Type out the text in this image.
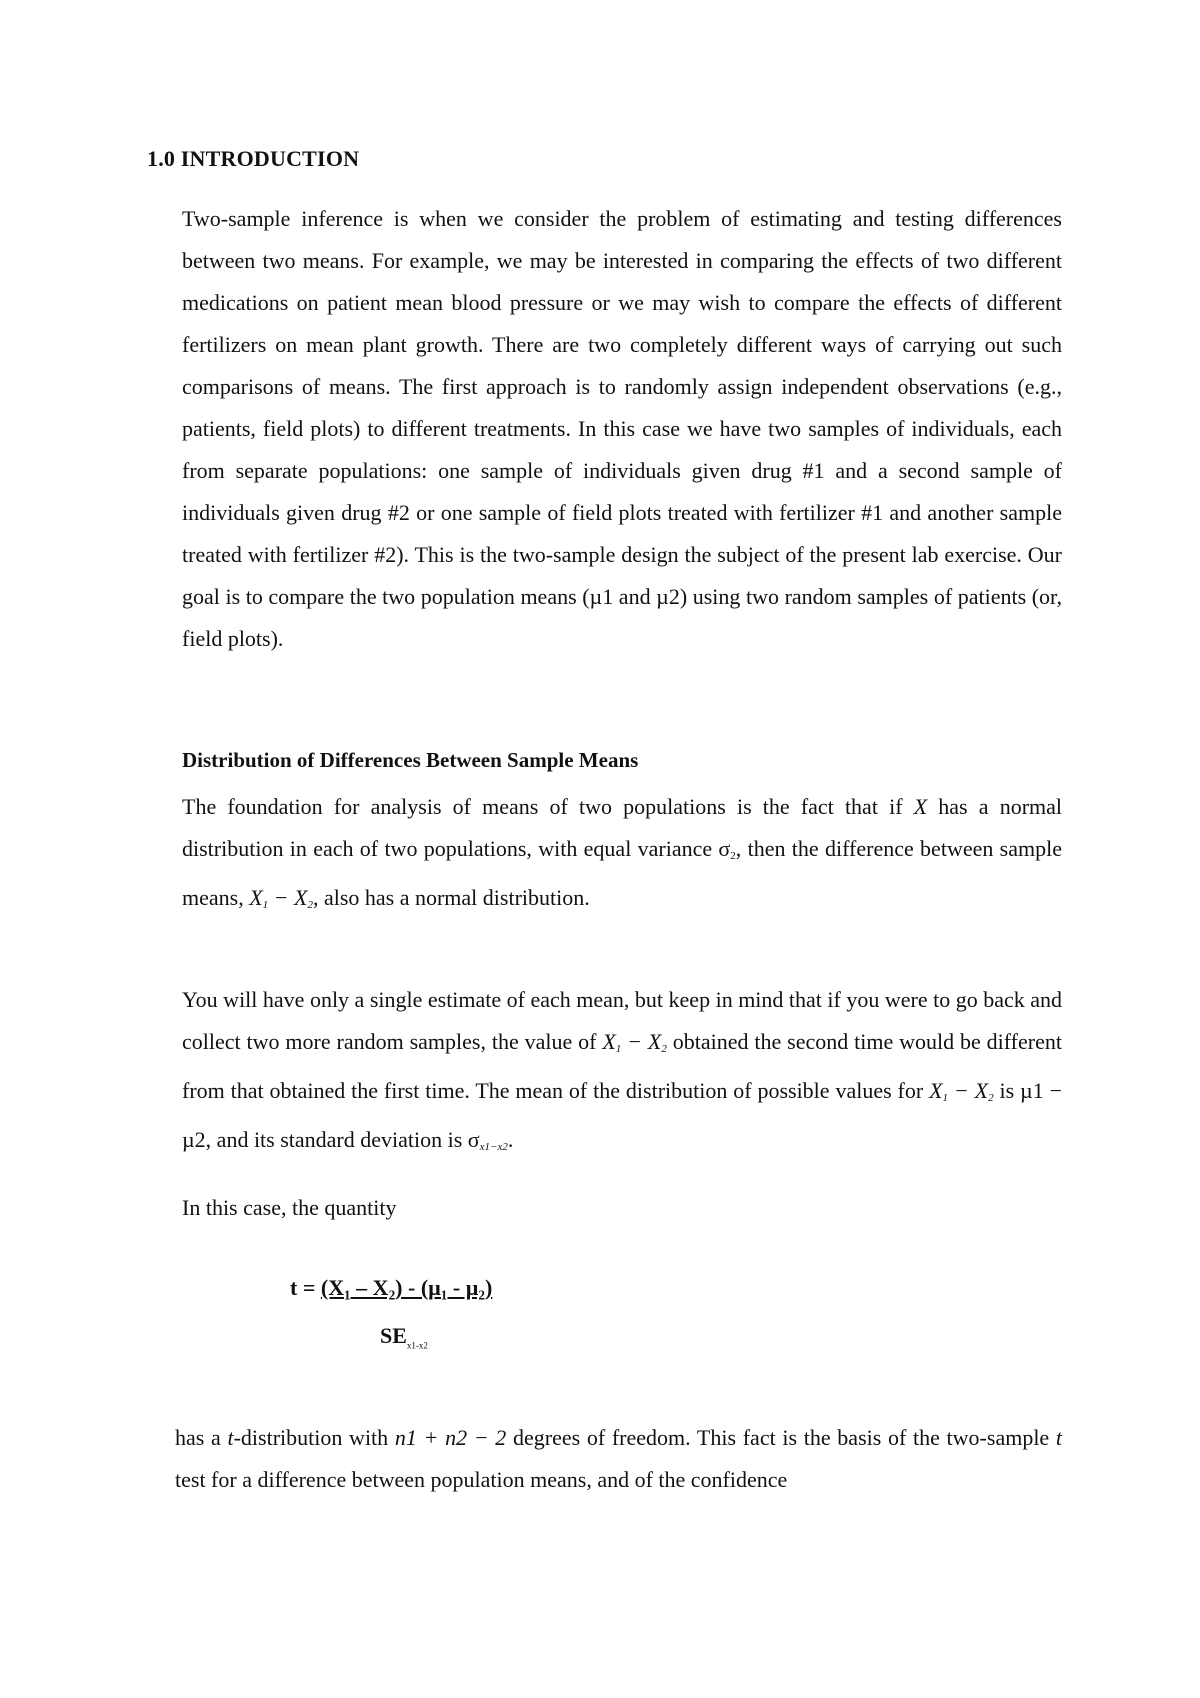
1.0 INTRODUCTION
Two-sample inference is when we consider the problem of estimating and testing differences between two means. For example, we may be interested in comparing the effects of two different medications on patient mean blood pressure or we may wish to compare the effects of different fertilizers on mean plant growth. There are two completely different ways of carrying out such comparisons of means. The first approach is to randomly assign independent observations (e.g., patients, field plots) to different treatments. In this case we have two samples of individuals, each from separate populations: one sample of individuals given drug #1 and a second sample of individuals given drug #2 or one sample of field plots treated with fertilizer #1 and another sample treated with fertilizer #2). This is the two-sample design the subject of the present lab exercise. Our goal is to compare the two population means (µ1 and µ2) using two random samples of patients (or, field plots).
Distribution of Differences Between Sample Means
The foundation for analysis of means of two populations is the fact that if X has a normal distribution in each of two populations, with equal variance σ2, then the difference between sample means, X1 − X2, also has a normal distribution.
You will have only a single estimate of each mean, but keep in mind that if you were to go back and collect two more random samples, the value of X1 − X2 obtained the second time would be different from that obtained the first time. The mean of the distribution of possible values for X1 − X2 is µ1 − µ2, and its standard deviation is σx1−x2.
In this case, the quantity
t = (X₁ – X₂) - (µ₁ - µ₂)
$SE_{x1-x2}$
has a t-distribution with n1 + n2 − 2 degrees of freedom. This fact is the basis of the two-sample t test for a difference between population means, and of the confidence
